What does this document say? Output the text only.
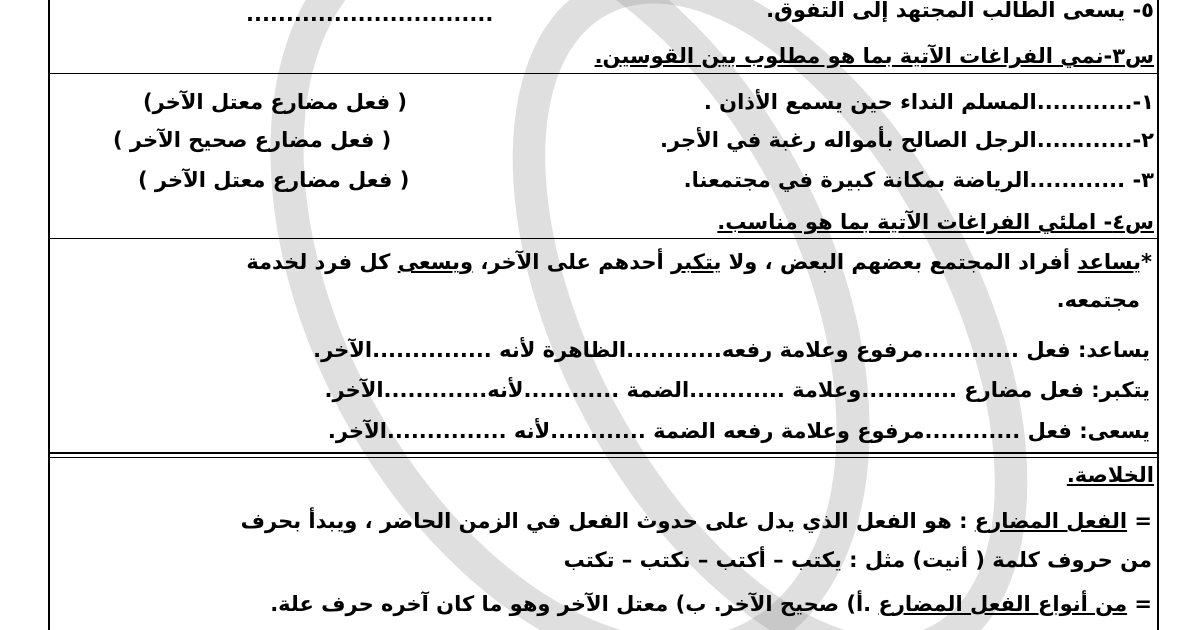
٥- يسعى الطالب المجتهد إلى التفوق.
...............................
س٣-نمي الفراغات الآتية بما هو مطلوب بين القوسين.
١-............المسلم النداء حين يسمع الأذان .
( فعل مضارع معتل الآخر)
٢-............الرجل الصالح بأمواله رغبة في الأجر.
( فعل مضارع صحيح الآخر )
٣- ............الرياضة بمكانة كبيرة في مجتمعنا.
( فعل مضارع معتل الآخر )
س٤- املئي الفراغات الآتية بما هو مناسب.
*يساعد أفراد المجتمع بعضهم البعض ، ولا يتكبر أحدهم على الآخر، ويسعى كل فرد لخدمة
مجتمعه.
يساعد: فعل ............مرفوع وعلامة رفعه............الظاهرة لأنه ...............الآخر.
يتكبر: فعل مضارع ............وعلامة ............الضمة ............لأنه.............الآخر.
يسعى: فعل ............مرفوع وعلامة رفعه الضمة ............لأنه ...............الآخر.
الخلاصة.
= الفعل المضارع : هو الفعل الذي يدل على حدوث الفعل في الزمن الحاضر ، ويبدأ بحرف
من حروف كلمة ( أنيت) مثل : يكتب – أكتب – نكتب – تكتب
= من أنواع الفعل المضارع .أ) صحيح الآخر. ب) معتل الآخر وهو ما كان آخره حرف علة.
